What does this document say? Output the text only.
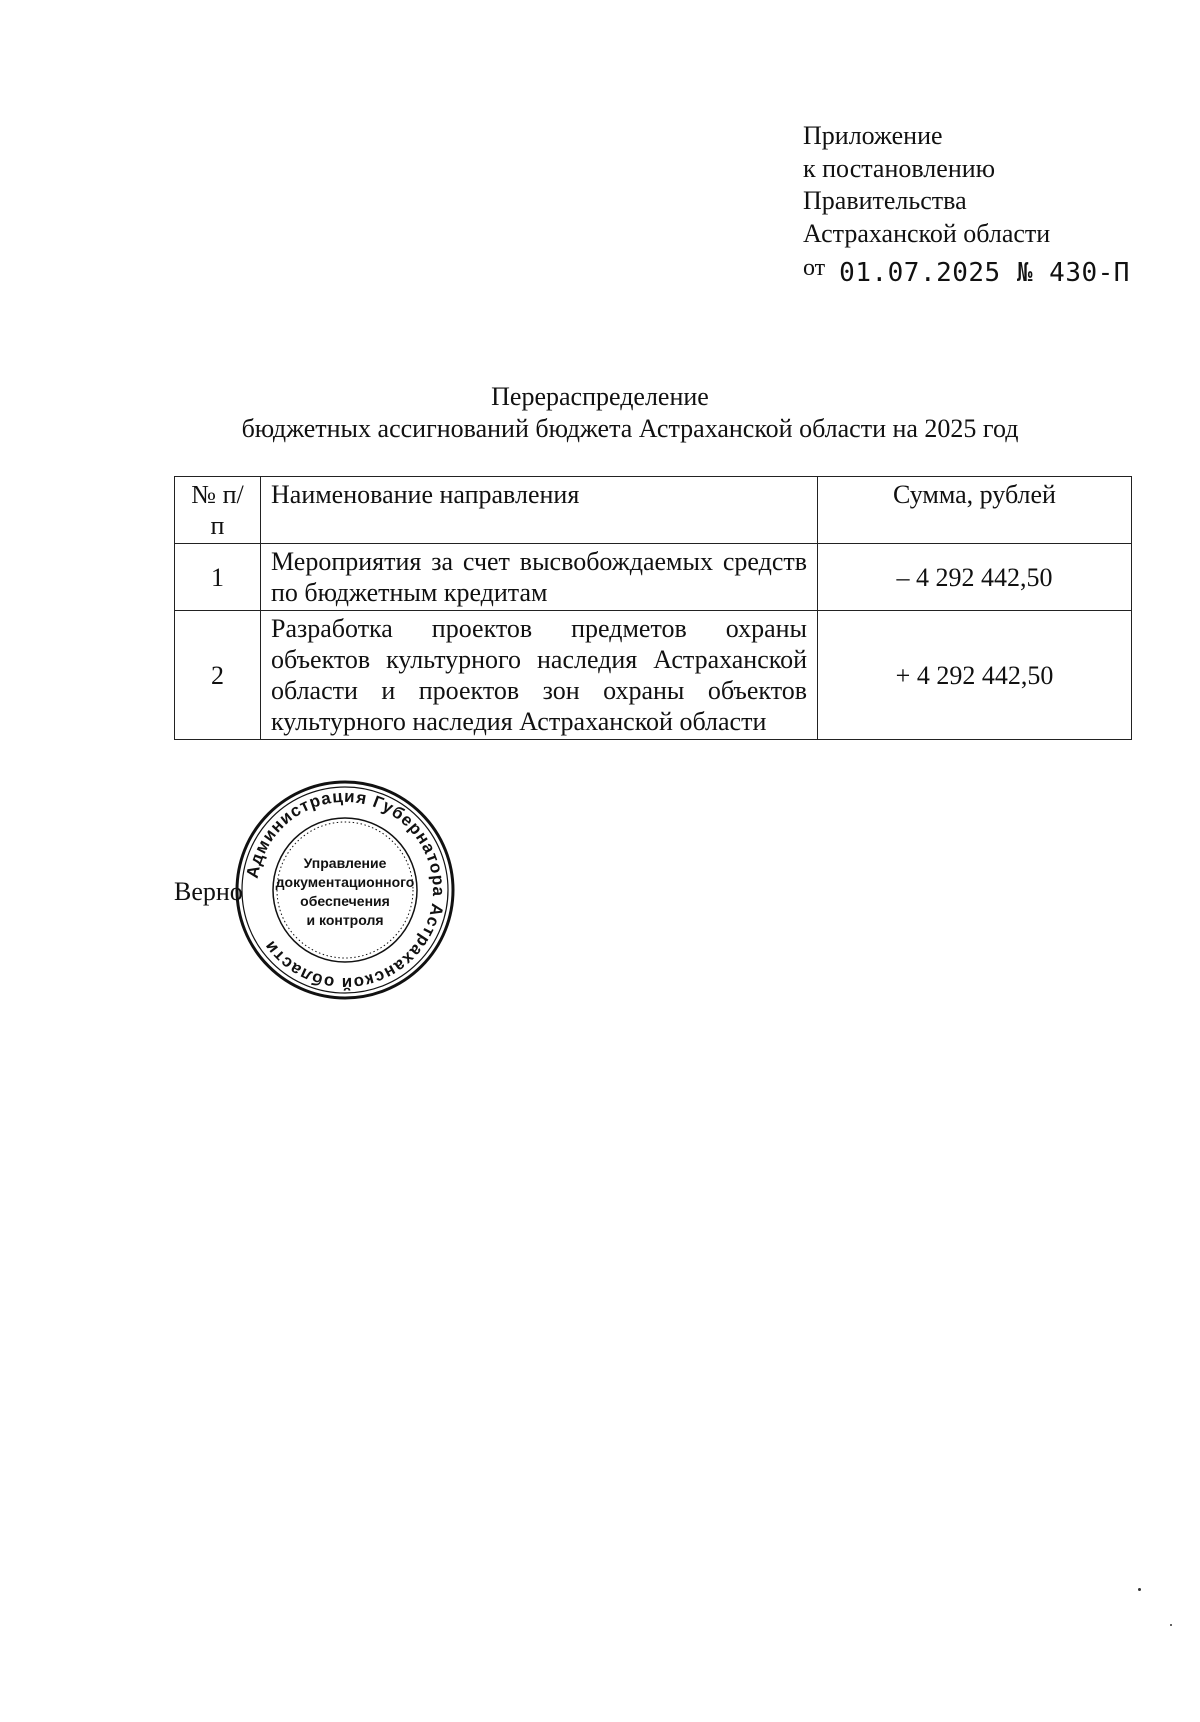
Приложение
к постановлению
Правительства
Астраханской области
от 01.07.2025 № 430-П
Перераспределение
бюджетных ассигнований бюджета Астраханской области на 2025 год
№ п/п	Наименование направления	Сумма, рублей
1	Мероприятия за счет высвобождаемых средств по бюджетным кредитам	– 4 292 442,50
2	Разработка проектов предметов охраны объектов культурного наследия Астраханской области и проектов зон охраны объектов культурного наследия Астраханской области	+ 4 292 442,50
Верно
Администрация Губернатора Астраханской области
Управление
документационного
обеспечения
и контроля
